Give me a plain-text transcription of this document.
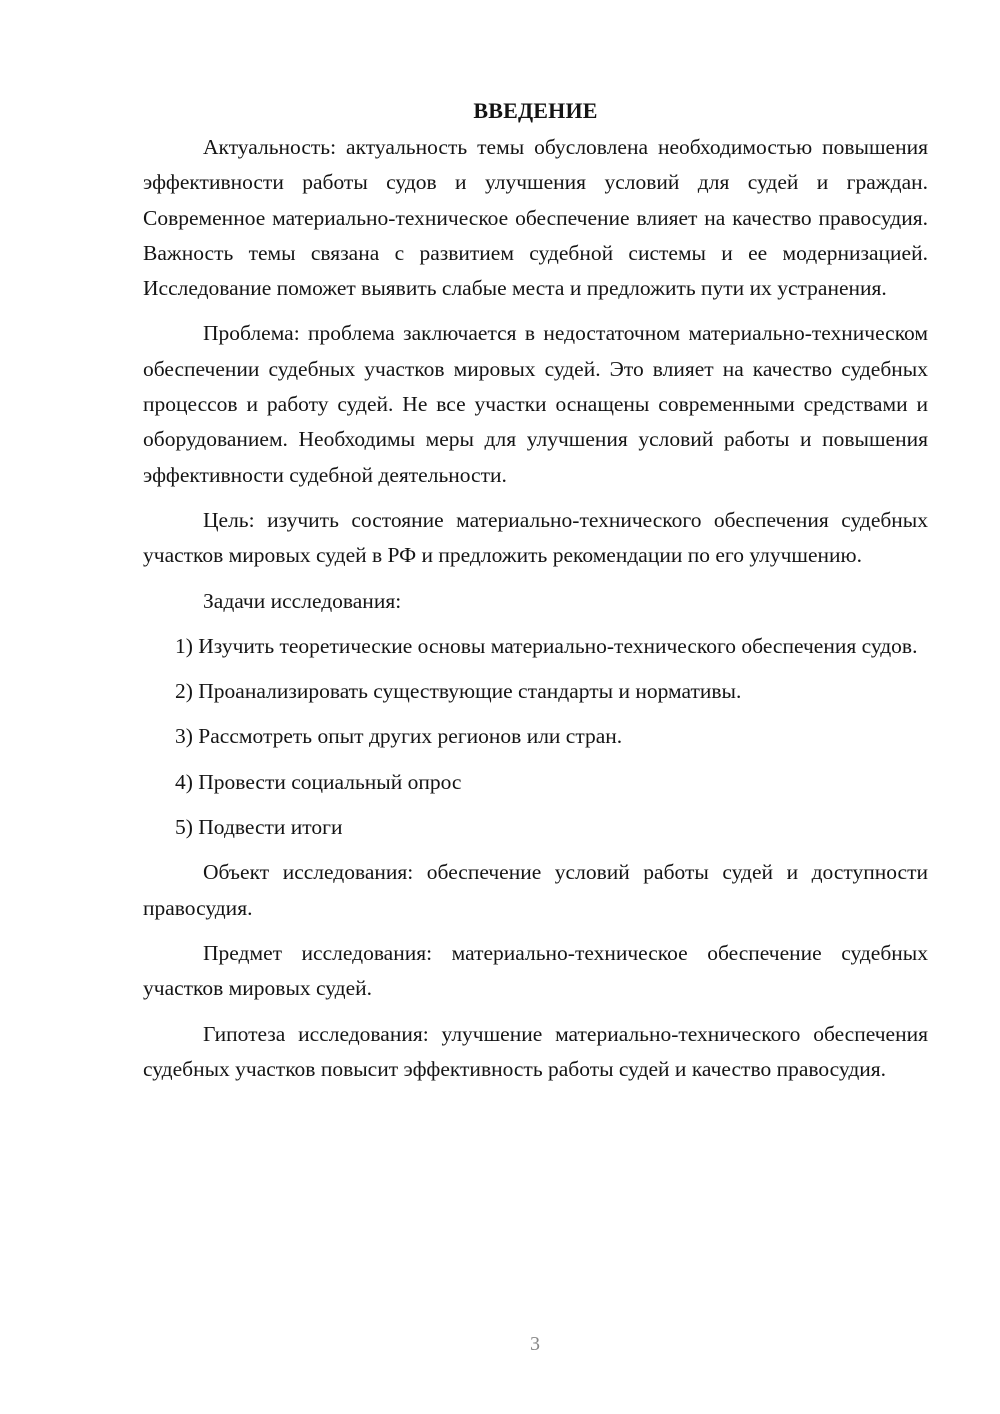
ВВЕДЕНИЕ

Актуальность: актуальность темы обусловлена необходимостью повышения эффективности работы судов и улучшения условий для судей и граждан. Современное материально-техническое обеспечение влияет на качество правосудия. Важность темы связана с развитием судебной системы и ее модернизацией. Исследование поможет выявить слабые места и предложить пути их устранения.

Проблема: проблема заключается в недостаточном материально-техническом обеспечении судебных участков мировых судей. Это влияет на качество судебных процессов и работу судей. Не все участки оснащены современными средствами и оборудованием. Необходимы меры для улучшения условий работы и повышения эффективности судебной деятельности.

Цель: изучить состояние материально-технического обеспечения судебных участков мировых судей в РФ и предложить рекомендации по его улучшению.

Задачи исследования:

1) Изучить теоретические основы материально-технического обеспечения судов.

2) Проанализировать существующие стандарты и нормативы.

3) Рассмотреть опыт других регионов или стран.

4) Провести социальный опрос

5) Подвести итоги

Объект исследования: обеспечение условий работы судей и доступности правосудия.

Предмет исследования: материально-техническое обеспечение судебных участков мировых судей.

Гипотеза исследования: улучшение материально-технического обеспечения судебных участков повысит эффективность работы судей и качество правосудия.

3
